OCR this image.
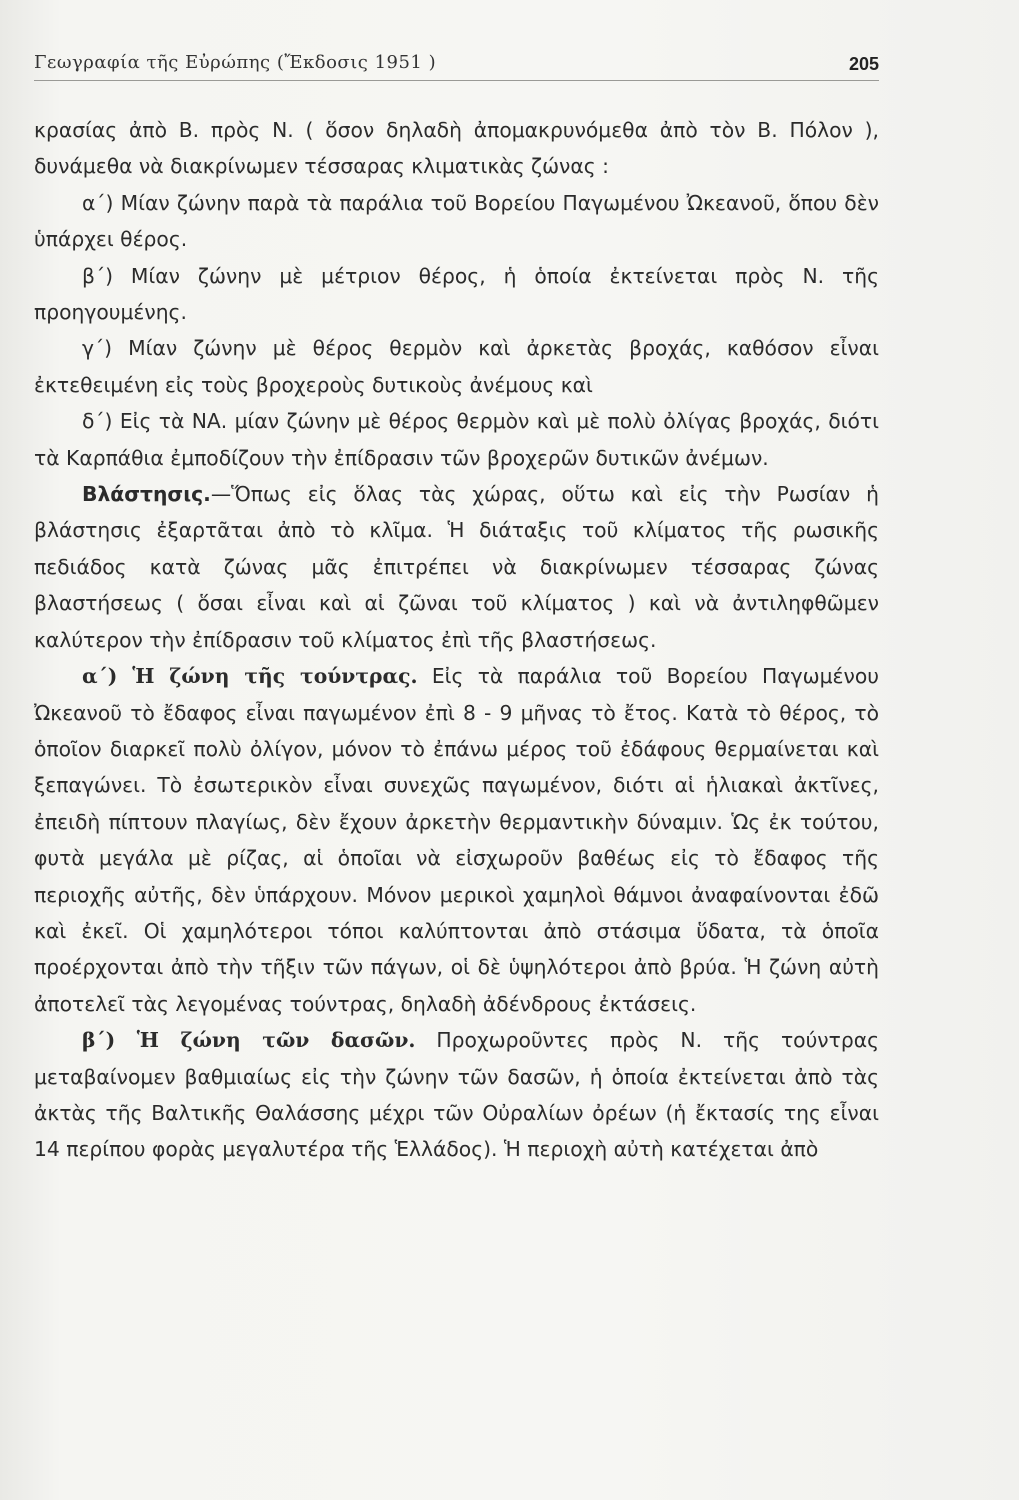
Γεωγραφία τῆς Εὐρώπης (Ἔκδοσις 1951 )	205

κρασίας ἀπὸ Β. πρὸς Ν. ( ὅσον δηλαδὴ ἀπομακρυνόμεθα ἀπὸ τὸν Β. Πόλον ), δυνάμεθα νὰ διακρίνωμεν τέσσαρας κλιματικὰς ζώνας :

α΄) Μίαν ζώνην παρὰ τὰ παράλια τοῦ Βορείου Παγωμένου Ὠκεανοῦ, ὅπου δὲν ὑπάρχει θέρος.

β΄) Μίαν ζώνην μὲ μέτριον θέρος, ἡ ὁποία ἐκτείνεται πρὸς Ν. τῆς προηγουμένης.

γ΄) Μίαν ζώνην μὲ θέρος θερμὸν καὶ ἀρκετὰς βροχάς, καθόσον εἶναι ἐκτεθειμένη εἰς τοὺς βροχεροὺς δυτικοὺς ἀνέμους καὶ

δ΄) Εἰς τὰ ΝΑ. μίαν ζώνην μὲ θέρος θερμὸν καὶ μὲ πολὺ ὀλίγας βροχάς, διότι τὰ Καρπάθια ἐμποδίζουν τὴν ἐπίδρασιν τῶν βροχερῶν δυτικῶν ἀνέμων.

Βλάστησις.—Ὅπως εἰς ὅλας τὰς χώρας, οὕτω καὶ εἰς τὴν Ρωσίαν ἡ βλάστησις ἐξαρτᾶται ἀπὸ τὸ κλῖμα. Ἡ διάταξις τοῦ κλίματος τῆς ρωσικῆς πεδιάδος κατὰ ζώνας μᾶς ἐπιτρέπει νὰ διακρίνωμεν τέσσαρας ζώνας βλαστήσεως ( ὅσαι εἶναι καὶ αἱ ζῶναι τοῦ κλίματος ) καὶ νὰ ἀντιληφθῶμεν καλύτερον τὴν ἐπίδρασιν τοῦ κλίματος ἐπὶ τῆς βλαστήσεως.

α΄) Ἡ ζώνη τῆς τούντρας. Εἰς τὰ παράλια τοῦ Βορείου Παγωμένου Ὠκεανοῦ τὸ ἔδαφος εἶναι παγωμένον ἐπὶ 8 - 9 μῆνας τὸ ἔτος. Κατὰ τὸ θέρος, τὸ ὁποῖον διαρκεῖ πολὺ ὀλίγον, μόνον τὸ ἐπάνω μέρος τοῦ ἐδάφους θερμαίνεται καὶ ξεπαγώνει. Τὸ ἐσωτερικὸν εἶναι συνεχῶς παγωμένον, διότι αἱ ἡλιακαὶ ἀκτῖνες, ἐπειδὴ πίπτουν πλαγίως, δὲν ἔχουν ἀρκετὴν θερμαντικὴν δύναμιν. Ὡς ἐκ τούτου, φυτὰ μεγάλα μὲ ρίζας, αἱ ὁποῖαι νὰ εἰσχωροῦν βαθέως εἰς τὸ ἔδαφος τῆς περιοχῆς αὐτῆς, δὲν ὑπάρχουν. Μόνον μερικοὶ χαμηλοὶ θάμνοι ἀναφαίνονται ἐδῶ καὶ ἐκεῖ. Οἱ χαμηλότεροι τόποι καλύπτονται ἀπὸ στάσιμα ὕδατα, τὰ ὁποῖα προέρχονται ἀπὸ τὴν τῆξιν τῶν πάγων, οἱ δὲ ὑψηλότεροι ἀπὸ βρύα. Ἡ ζώνη αὐτὴ ἀποτελεῖ τὰς λεγομένας τούντρας, δηλαδὴ ἀδένδρους ἐκτάσεις.

β΄) Ἡ ζώνη τῶν δασῶν. Προχωροῦντες πρὸς Ν. τῆς τούντρας μεταβαίνομεν βαθμιαίως εἰς τὴν ζώνην τῶν δασῶν, ἡ ὁποία ἐκτείνεται ἀπὸ τὰς ἀκτὰς τῆς Βαλτικῆς Θαλάσσης μέχρι τῶν Οὐραλίων ὀρέων (ἡ ἔκτασίς της εἶναι 14 περίπου φορὰς μεγαλυτέρα τῆς Ἑλλάδος). Ἡ περιοχὴ αὐτὴ κατέχεται ἀπὸ
